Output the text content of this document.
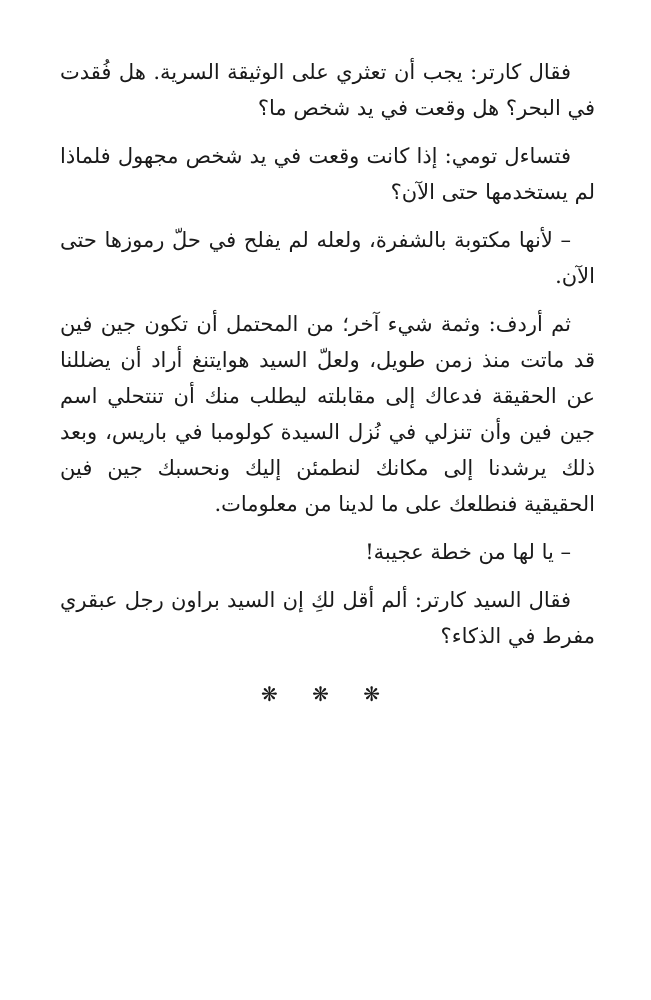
فقال كارتر: يجب أن تعثري على الوثيقة السرية. هل فُقدت في البحر؟ هل وقعت في يد شخص ما؟

فتساءل تومي: إذا كانت وقعت في يد شخص مجهول فلماذا لم يستخدمها حتى الآن؟

– لأنها مكتوبة بالشفرة، ولعله لم يفلح في حلّ رموزها حتى الآن.

ثم أردف: وثمة شيء آخر؛ من المحتمل أن تكون جين فين قد ماتت منذ زمن طويل، ولعلّ السيد هوايتنغ أراد أن يضللنا عن الحقيقة فدعاك إلى مقابلته ليطلب منك أن تنتحلي اسم جين فين وأن تنزلي في نُزل السيدة كولومبا في باريس، وبعد ذلك يرشدنا إلى مكانك لنطمئن إليك ونحسبك جين فين الحقيقية فنطلعك على ما لدينا من معلومات.

– يا لها من خطة عجيبة!

فقال السيد كارتر: ألم أقل لكِ إن السيد براون رجل عبقري مفرط في الذكاء؟

❋ ❋ ❋
